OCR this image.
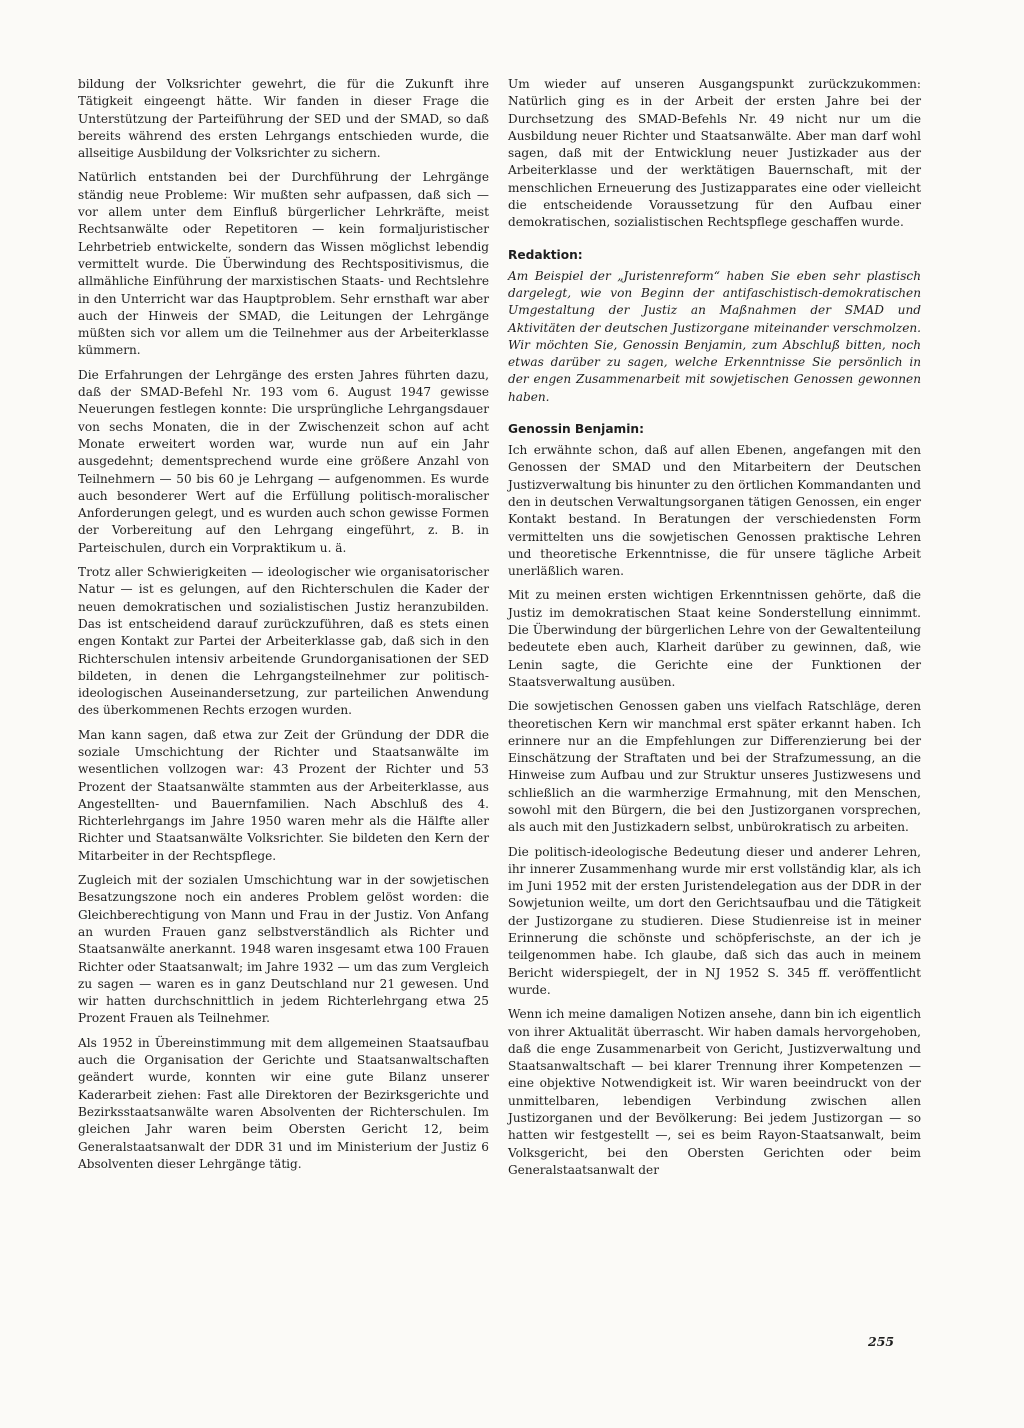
bildung der Volksrichter gewehrt, die für die Zukunft ihre Tätigkeit eingeengt hätte. Wir fanden in dieser Frage die Unterstützung der Parteiführung der SED und der SMAD, so daß bereits während des ersten Lehrgangs entschieden wurde, die allseitige Ausbildung der Volksrichter zu sichern.

Natürlich entstanden bei der Durchführung der Lehrgänge ständig neue Probleme: Wir mußten sehr aufpassen, daß sich — vor allem unter dem Einfluß bürgerlicher Lehrkräfte, meist Rechtsanwälte oder Repetitoren — kein formaljuristischer Lehrbetrieb entwickelte, sondern das Wissen möglichst lebendig vermittelt wurde. Die Überwindung des Rechtspositivismus, die allmähliche Einführung der marxistischen Staats- und Rechtslehre in den Unterricht war das Hauptproblem. Sehr ernsthaft war aber auch der Hinweis der SMAD, die Leitungen der Lehrgänge müßten sich vor allem um die Teilnehmer aus der Arbeiterklasse kümmern.

Die Erfahrungen der Lehrgänge des ersten Jahres führten dazu, daß der SMAD-Befehl Nr. 193 vom 6. August 1947 gewisse Neuerungen festlegen konnte: Die ursprüngliche Lehrgangsdauer von sechs Monaten, die in der Zwischenzeit schon auf acht Monate erweitert worden war, wurde nun auf ein Jahr ausgedehnt; dementsprechend wurde eine größere Anzahl von Teilnehmern — 50 bis 60 je Lehrgang — aufgenommen. Es wurde auch besonderer Wert auf die Erfüllung politisch-moralischer Anforderungen gelegt, und es wurden auch schon gewisse Formen der Vorbereitung auf den Lehrgang eingeführt, z. B. in Parteischulen, durch ein Vorpraktikum u. ä.

Trotz aller Schwierigkeiten — ideologischer wie organisatorischer Natur — ist es gelungen, auf den Richterschulen die Kader der neuen demokratischen und sozialistischen Justiz heranzubilden. Das ist entscheidend darauf zurückzuführen, daß es stets einen engen Kontakt zur Partei der Arbeiterklasse gab, daß sich in den Richterschulen intensiv arbeitende Grundorganisationen der SED bildeten, in denen die Lehrgangsteilnehmer zur politisch-ideologischen Auseinandersetzung, zur parteilichen Anwendung des überkommenen Rechts erzogen wurden.

Man kann sagen, daß etwa zur Zeit der Gründung der DDR die soziale Umschichtung der Richter und Staatsanwälte im wesentlichen vollzogen war: 43 Prozent der Richter und 53 Prozent der Staatsanwälte stammten aus der Arbeiterklasse, aus Angestellten- und Bauernfamilien. Nach Abschluß des 4. Richterlehrgangs im Jahre 1950 waren mehr als die Hälfte aller Richter und Staatsanwälte Volksrichter. Sie bildeten den Kern der Mitarbeiter in der Rechtspflege.

Zugleich mit der sozialen Umschichtung war in der sowjetischen Besatzungszone noch ein anderes Problem gelöst worden: die Gleichberechtigung von Mann und Frau in der Justiz. Von Anfang an wurden Frauen ganz selbstverständlich als Richter und Staatsanwälte anerkannt. 1948 waren insgesamt etwa 100 Frauen Richter oder Staatsanwalt; im Jahre 1932 — um das zum Vergleich zu sagen — waren es in ganz Deutschland nur 21 gewesen. Und wir hatten durchschnittlich in jedem Richterlehrgang etwa 25 Prozent Frauen als Teilnehmer.

Als 1952 in Übereinstimmung mit dem allgemeinen Staatsaufbau auch die Organisation der Gerichte und Staatsanwaltschaften geändert wurde, konnten wir eine gute Bilanz unserer Kaderarbeit ziehen: Fast alle Direktoren der Bezirksgerichte und Bezirksstaatsanwälte waren Absolventen der Richterschulen. Im gleichen Jahr waren beim Obersten Gericht 12, beim Generalstaatsanwalt der DDR 31 und im Ministerium der Justiz 6 Absolventen dieser Lehrgänge tätig.

Um wieder auf unseren Ausgangspunkt zurückzukommen: Natürlich ging es in der Arbeit der ersten Jahre bei der Durchsetzung des SMAD-Befehls Nr. 49 nicht nur um die Ausbildung neuer Richter und Staatsanwälte. Aber man darf wohl sagen, daß mit der Entwicklung neuer Justizkader aus der Arbeiterklasse und der werktätigen Bauernschaft, mit der menschlichen Erneuerung des Justizapparates eine oder vielleicht die entscheidende Voraussetzung für den Aufbau einer demokratischen, sozialistischen Rechtspflege geschaffen wurde.

Redaktion:

Am Beispiel der „Juristenreform“ haben Sie eben sehr plastisch dargelegt, wie von Beginn der antifaschistisch-demokratischen Umgestaltung der Justiz an Maßnahmen der SMAD und Aktivitäten der deutschen Justizorgane miteinander verschmolzen. Wir möchten Sie, Genossin Benjamin, zum Abschluß bitten, noch etwas darüber zu sagen, welche Erkenntnisse Sie persönlich in der engen Zusammenarbeit mit sowjetischen Genossen gewonnen haben.

Genossin Benjamin:

Ich erwähnte schon, daß auf allen Ebenen, angefangen mit den Genossen der SMAD und den Mitarbeitern der Deutschen Justizverwaltung bis hinunter zu den örtlichen Kommandanten und den in deutschen Verwaltungsorganen tätigen Genossen, ein enger Kontakt bestand. In Beratungen der verschiedensten Form vermittelten uns die sowjetischen Genossen praktische Lehren und theoretische Erkenntnisse, die für unsere tägliche Arbeit unerläßlich waren.

Mit zu meinen ersten wichtigen Erkenntnissen gehörte, daß die Justiz im demokratischen Staat keine Sonderstellung einnimmt. Die Überwindung der bürgerlichen Lehre von der Gewaltenteilung bedeutete eben auch, Klarheit darüber zu gewinnen, daß, wie Lenin sagte, die Gerichte eine der Funktionen der Staatsverwaltung ausüben.

Die sowjetischen Genossen gaben uns vielfach Ratschläge, deren theoretischen Kern wir manchmal erst später erkannt haben. Ich erinnere nur an die Empfehlungen zur Differenzierung bei der Einschätzung der Straftaten und bei der Strafzumessung, an die Hinweise zum Aufbau und zur Struktur unseres Justizwesens und schließlich an die warmherzige Ermahnung, mit den Menschen, sowohl mit den Bürgern, die bei den Justizorganen vorsprechen, als auch mit den Justizkadern selbst, unbürokratisch zu arbeiten.

Die politisch-ideologische Bedeutung dieser und anderer Lehren, ihr innerer Zusammenhang wurde mir erst vollständig klar, als ich im Juni 1952 mit der ersten Juristendelegation aus der DDR in der Sowjetunion weilte, um dort den Gerichtsaufbau und die Tätigkeit der Justizorgane zu studieren. Diese Studienreise ist in meiner Erinnerung die schönste und schöpferischste, an der ich je teilgenommen habe. Ich glaube, daß sich das auch in meinem Bericht widerspiegelt, der in NJ 1952 S. 345 ff. veröffentlicht wurde.

Wenn ich meine damaligen Notizen ansehe, dann bin ich eigentlich von ihrer Aktualität überrascht. Wir haben damals hervorgehoben, daß die enge Zusammenarbeit von Gericht, Justizverwaltung und Staatsanwaltschaft — bei klarer Trennung ihrer Kompetenzen — eine objektive Notwendigkeit ist. Wir waren beeindruckt von der unmittelbaren, lebendigen Verbindung zwischen allen Justizorganen und der Bevölkerung: Bei jedem Justizorgan — so hatten wir festgestellt —, sei es beim Rayon-Staatsanwalt, beim Volksgericht, bei den Obersten Gerichten oder beim Generalstaatsanwalt der

255
